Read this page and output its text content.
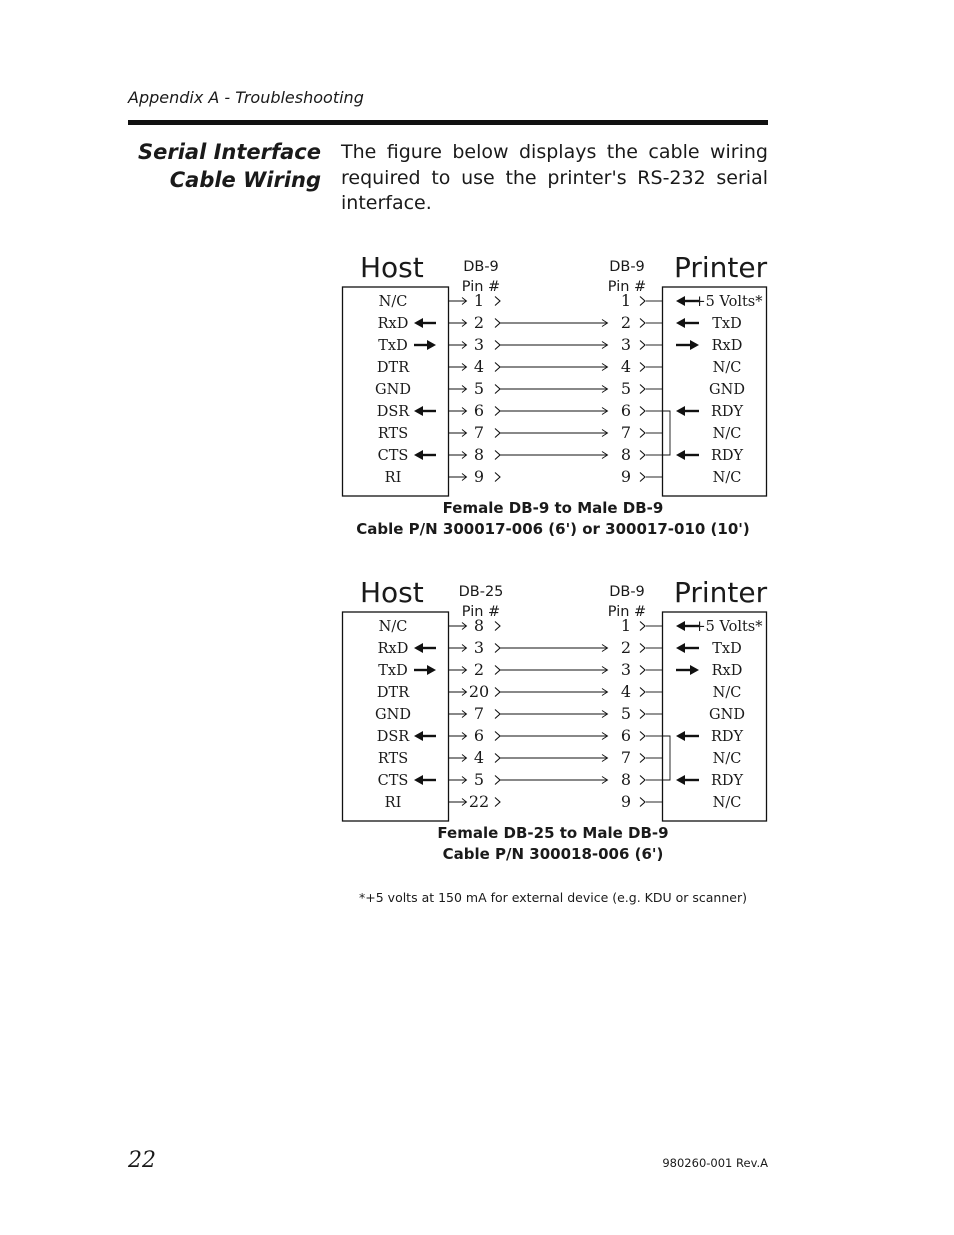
Appendix A - Troubleshooting
Serial Interface
Cable Wiring
The figure below displays the cable wiring required to use the printer's RS-232 serial interface.
Host	Printer
DB-9
Pin #
DB-9
Pin #
N/C	1	1	+5 Volts*
RxD	2	2	TxD
TxD	3	3	RxD
DTR	4	4	N/C
GND	5	5	GND
DSR	6	6	RDY
RTS	7	7	N/C
CTS	8	8	RDY
RI	9	9	N/C
Female DB-9 to Male DB-9
Cable P/N 300017-006 (6') or 300017-010 (10')
Host	Printer
DB-25
Pin #
DB-9
Pin #
N/C	8	1	+5 Volts*
RxD	3	2	TxD
TxD	2	3	RxD
DTR	20	4	N/C
GND	7	5	GND
DSR	6	6	RDY
RTS	4	7	N/C
CTS	5	8	RDY
RI	22	9	N/C
Female DB-25 to Male DB-9
Cable P/N 300018-006 (6')
*+5 volts at 150 mA for external device (e.g. KDU or scanner)
22	980260-001 Rev.A
